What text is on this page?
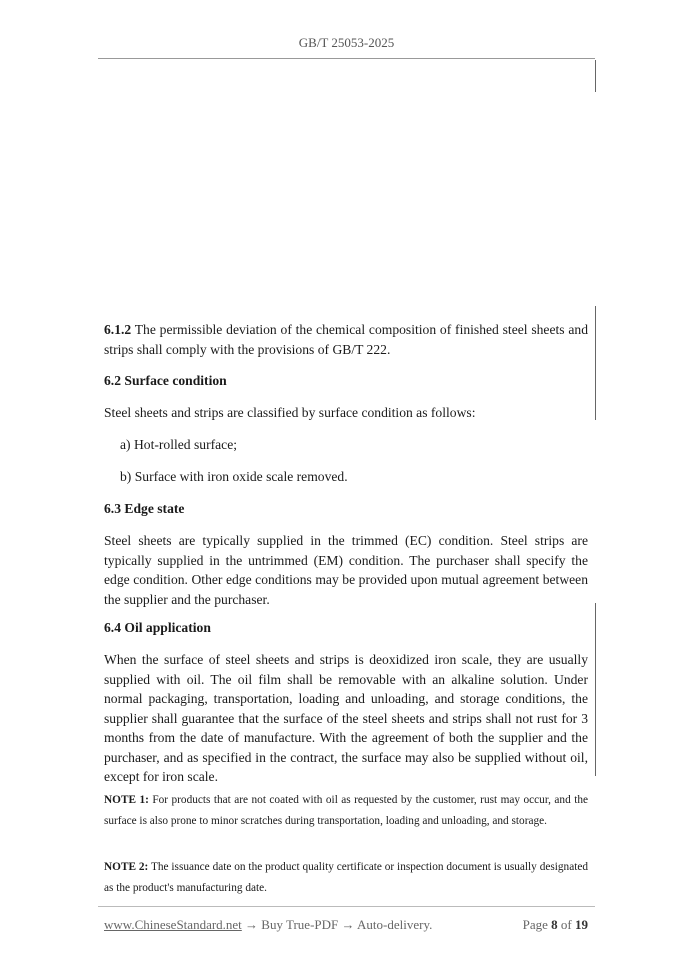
GB/T 25053-2025
6.1.2 The permissible deviation of the chemical composition of finished steel sheets and strips shall comply with the provisions of GB/T 222.
6.2 Surface condition
Steel sheets and strips are classified by surface condition as follows:
a) Hot-rolled surface;
b) Surface with iron oxide scale removed.
6.3 Edge state
Steel sheets are typically supplied in the trimmed (EC) condition. Steel strips are typically supplied in the untrimmed (EM) condition. The purchaser shall specify the edge condition. Other edge conditions may be provided upon mutual agreement between the supplier and the purchaser.
6.4 Oil application
When the surface of steel sheets and strips is deoxidized iron scale, they are usually supplied with oil. The oil film shall be removable with an alkaline solution. Under normal packaging, transportation, loading and unloading, and storage conditions, the supplier shall guarantee that the surface of the steel sheets and strips shall not rust for 3 months from the date of manufacture. With the agreement of both the supplier and the purchaser, and as specified in the contract, the surface may also be supplied without oil, except for iron scale.
NOTE 1: For products that are not coated with oil as requested by the customer, rust may occur, and the surface is also prone to minor scratches during transportation, loading and unloading, and storage.
NOTE 2: The issuance date on the product quality certificate or inspection document is usually designated as the product's manufacturing date.
www.ChineseStandard.net → Buy True-PDF → Auto-delivery.	Page 8 of 19
